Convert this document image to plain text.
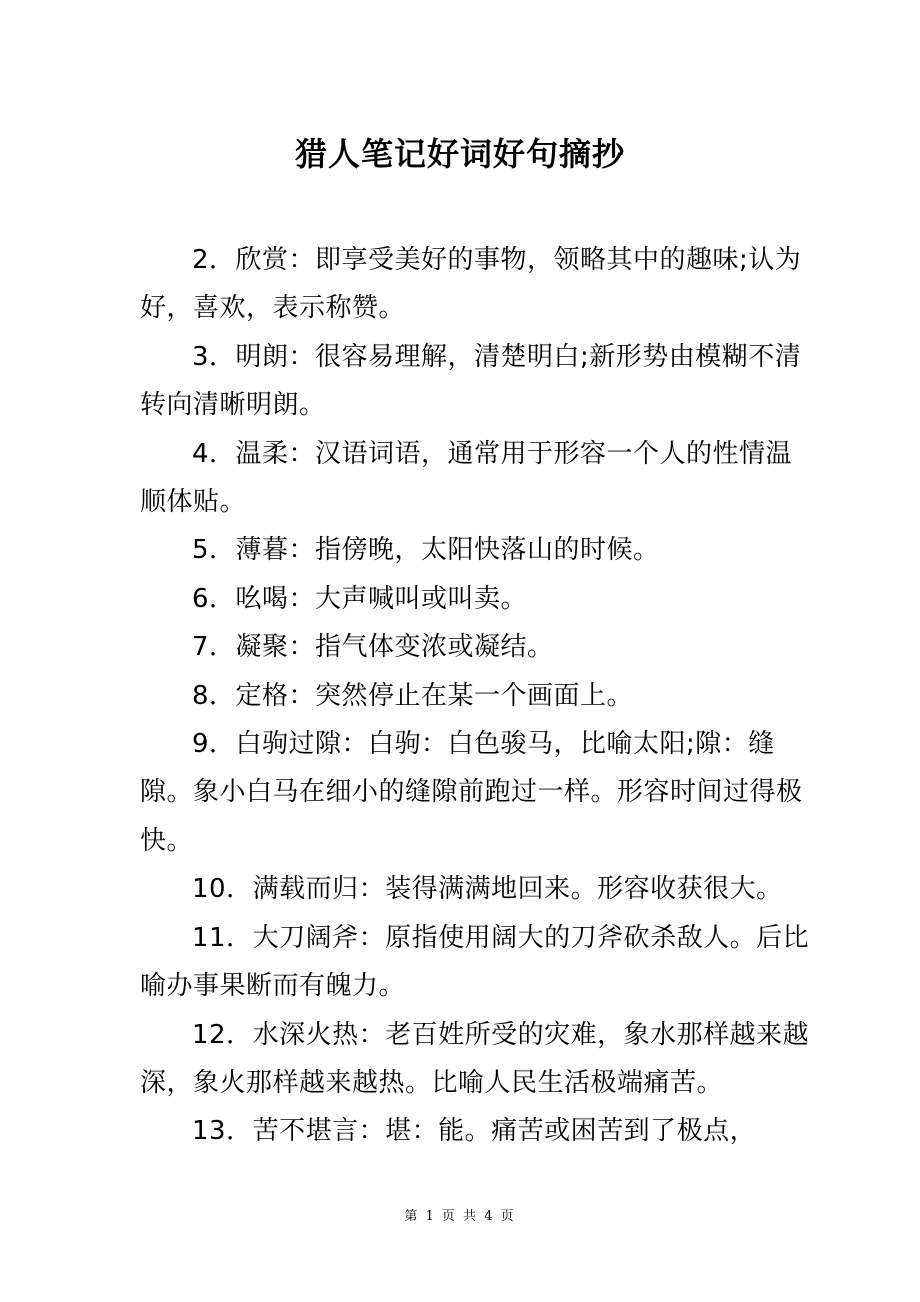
猎人笔记好词好句摘抄

2．欣赏：即享受美好的事物，领略其中的趣味;认为好，喜欢，表示称赞。

3．明朗：很容易理解，清楚明白;新形势由模糊不清转向清晰明朗。

4．温柔：汉语词语，通常用于形容一个人的性情温顺体贴。

5．薄暮：指傍晚，太阳快落山的时候。

6．吆喝：大声喊叫或叫卖。

7．凝聚：指气体变浓或凝结。

8．定格：突然停止在某一个画面上。

9．白驹过隙：白驹：白色骏马，比喻太阳;隙：缝隙。象小白马在细小的缝隙前跑过一样。形容时间过得极快。

10．满载而归：装得满满地回来。形容收获很大。

11．大刀阔斧：原指使用阔大的刀斧砍杀敌人。后比喻办事果断而有魄力。

12．水深火热：老百姓所受的灾难，象水那样越来越深，象火那样越来越热。比喻人民生活极端痛苦。

13．苦不堪言：堪：能。痛苦或困苦到了极点，

第 1 页 共 4 页
